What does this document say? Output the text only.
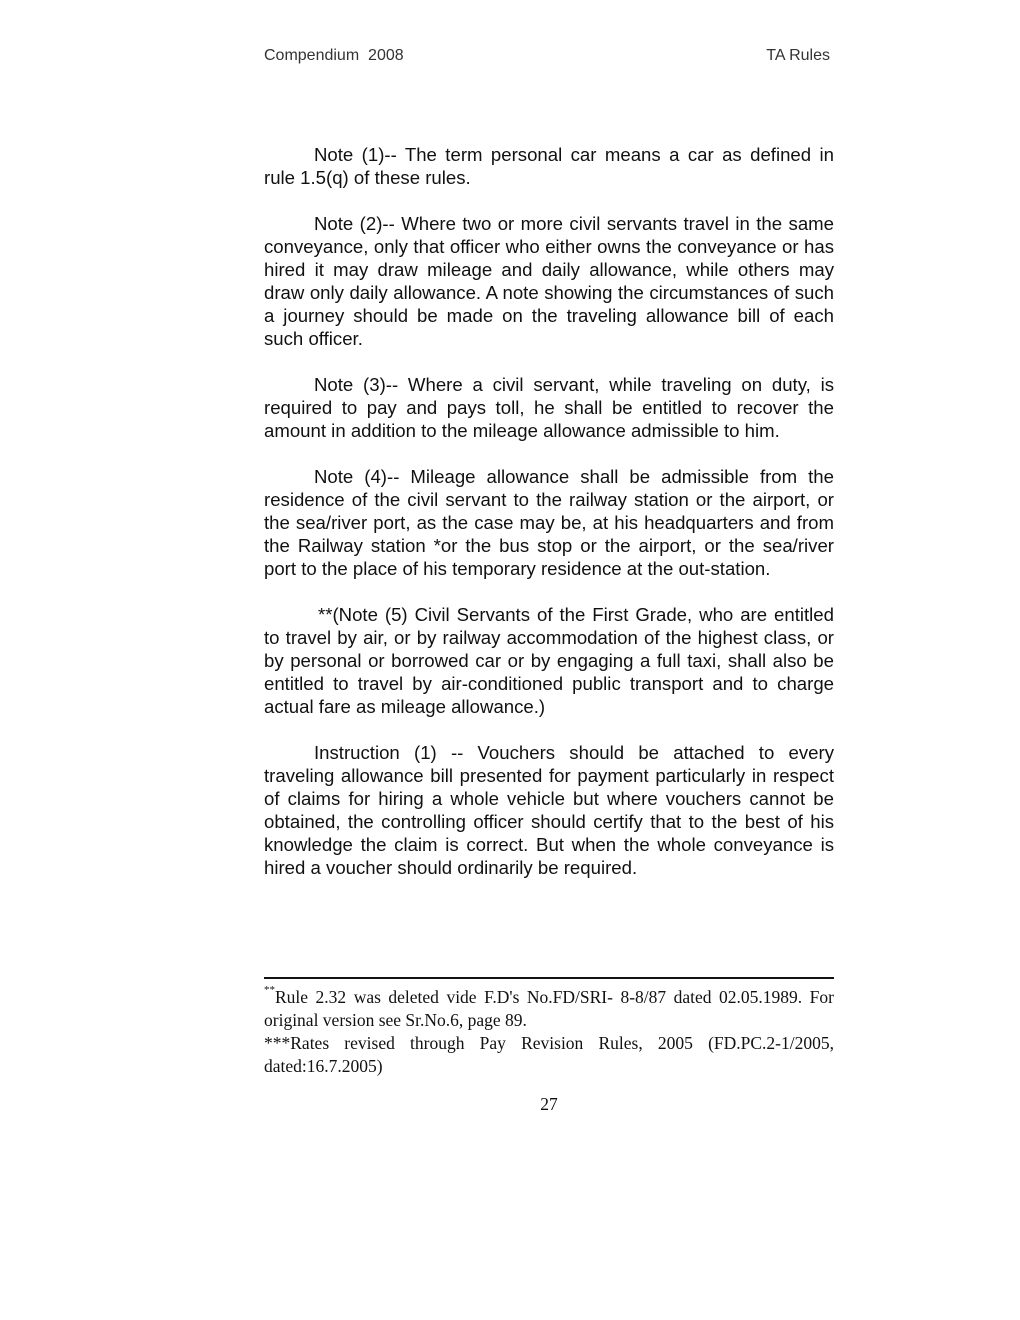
Compendium  2008	TA Rules

Note (1)-- The term personal car means a car as defined in rule 1.5(q) of these rules.

Note (2)-- Where two or more civil servants travel in the same conveyance, only that officer who either owns the conveyance or has hired it may draw mileage and daily allowance, while others may draw only daily allowance. A note showing the circumstances of such a journey should be made on the traveling allowance bill of each such officer.

Note (3)-- Where a civil servant, while traveling on duty, is required to pay and pays toll, he shall be entitled to recover the amount in addition to the mileage allowance admissible to him.

Note (4)-- Mileage allowance shall be admissible from the residence of the civil servant to the railway station or the airport, or the sea/river port, as the case may be, at his headquarters and from the Railway station *or the bus stop or the airport, or the sea/river port to the place of his temporary residence at the out-station.

**(Note (5) Civil Servants of the First Grade, who are entitled to travel by air, or by railway accommodation of the highest class, or by personal or borrowed car or by engaging a full taxi, shall also be entitled to travel by air-conditioned public transport and to charge actual fare as mileage allowance.)

Instruction (1) -- Vouchers should be attached to every traveling allowance bill presented for payment particularly in respect of claims for hiring a whole vehicle but where vouchers cannot be obtained, the controlling officer should certify that to the best of his knowledge the claim is correct. But when the whole conveyance is hired a voucher should ordinarily be required.

**Rule 2.32 was deleted vide F.D's No.FD/SRI- 8-8/87 dated 02.05.1989. For original version see Sr.No.6, page 89.

***Rates revised through Pay Revision Rules, 2005 (FD.PC.2-1/2005, dated:16.7.2005)

27
